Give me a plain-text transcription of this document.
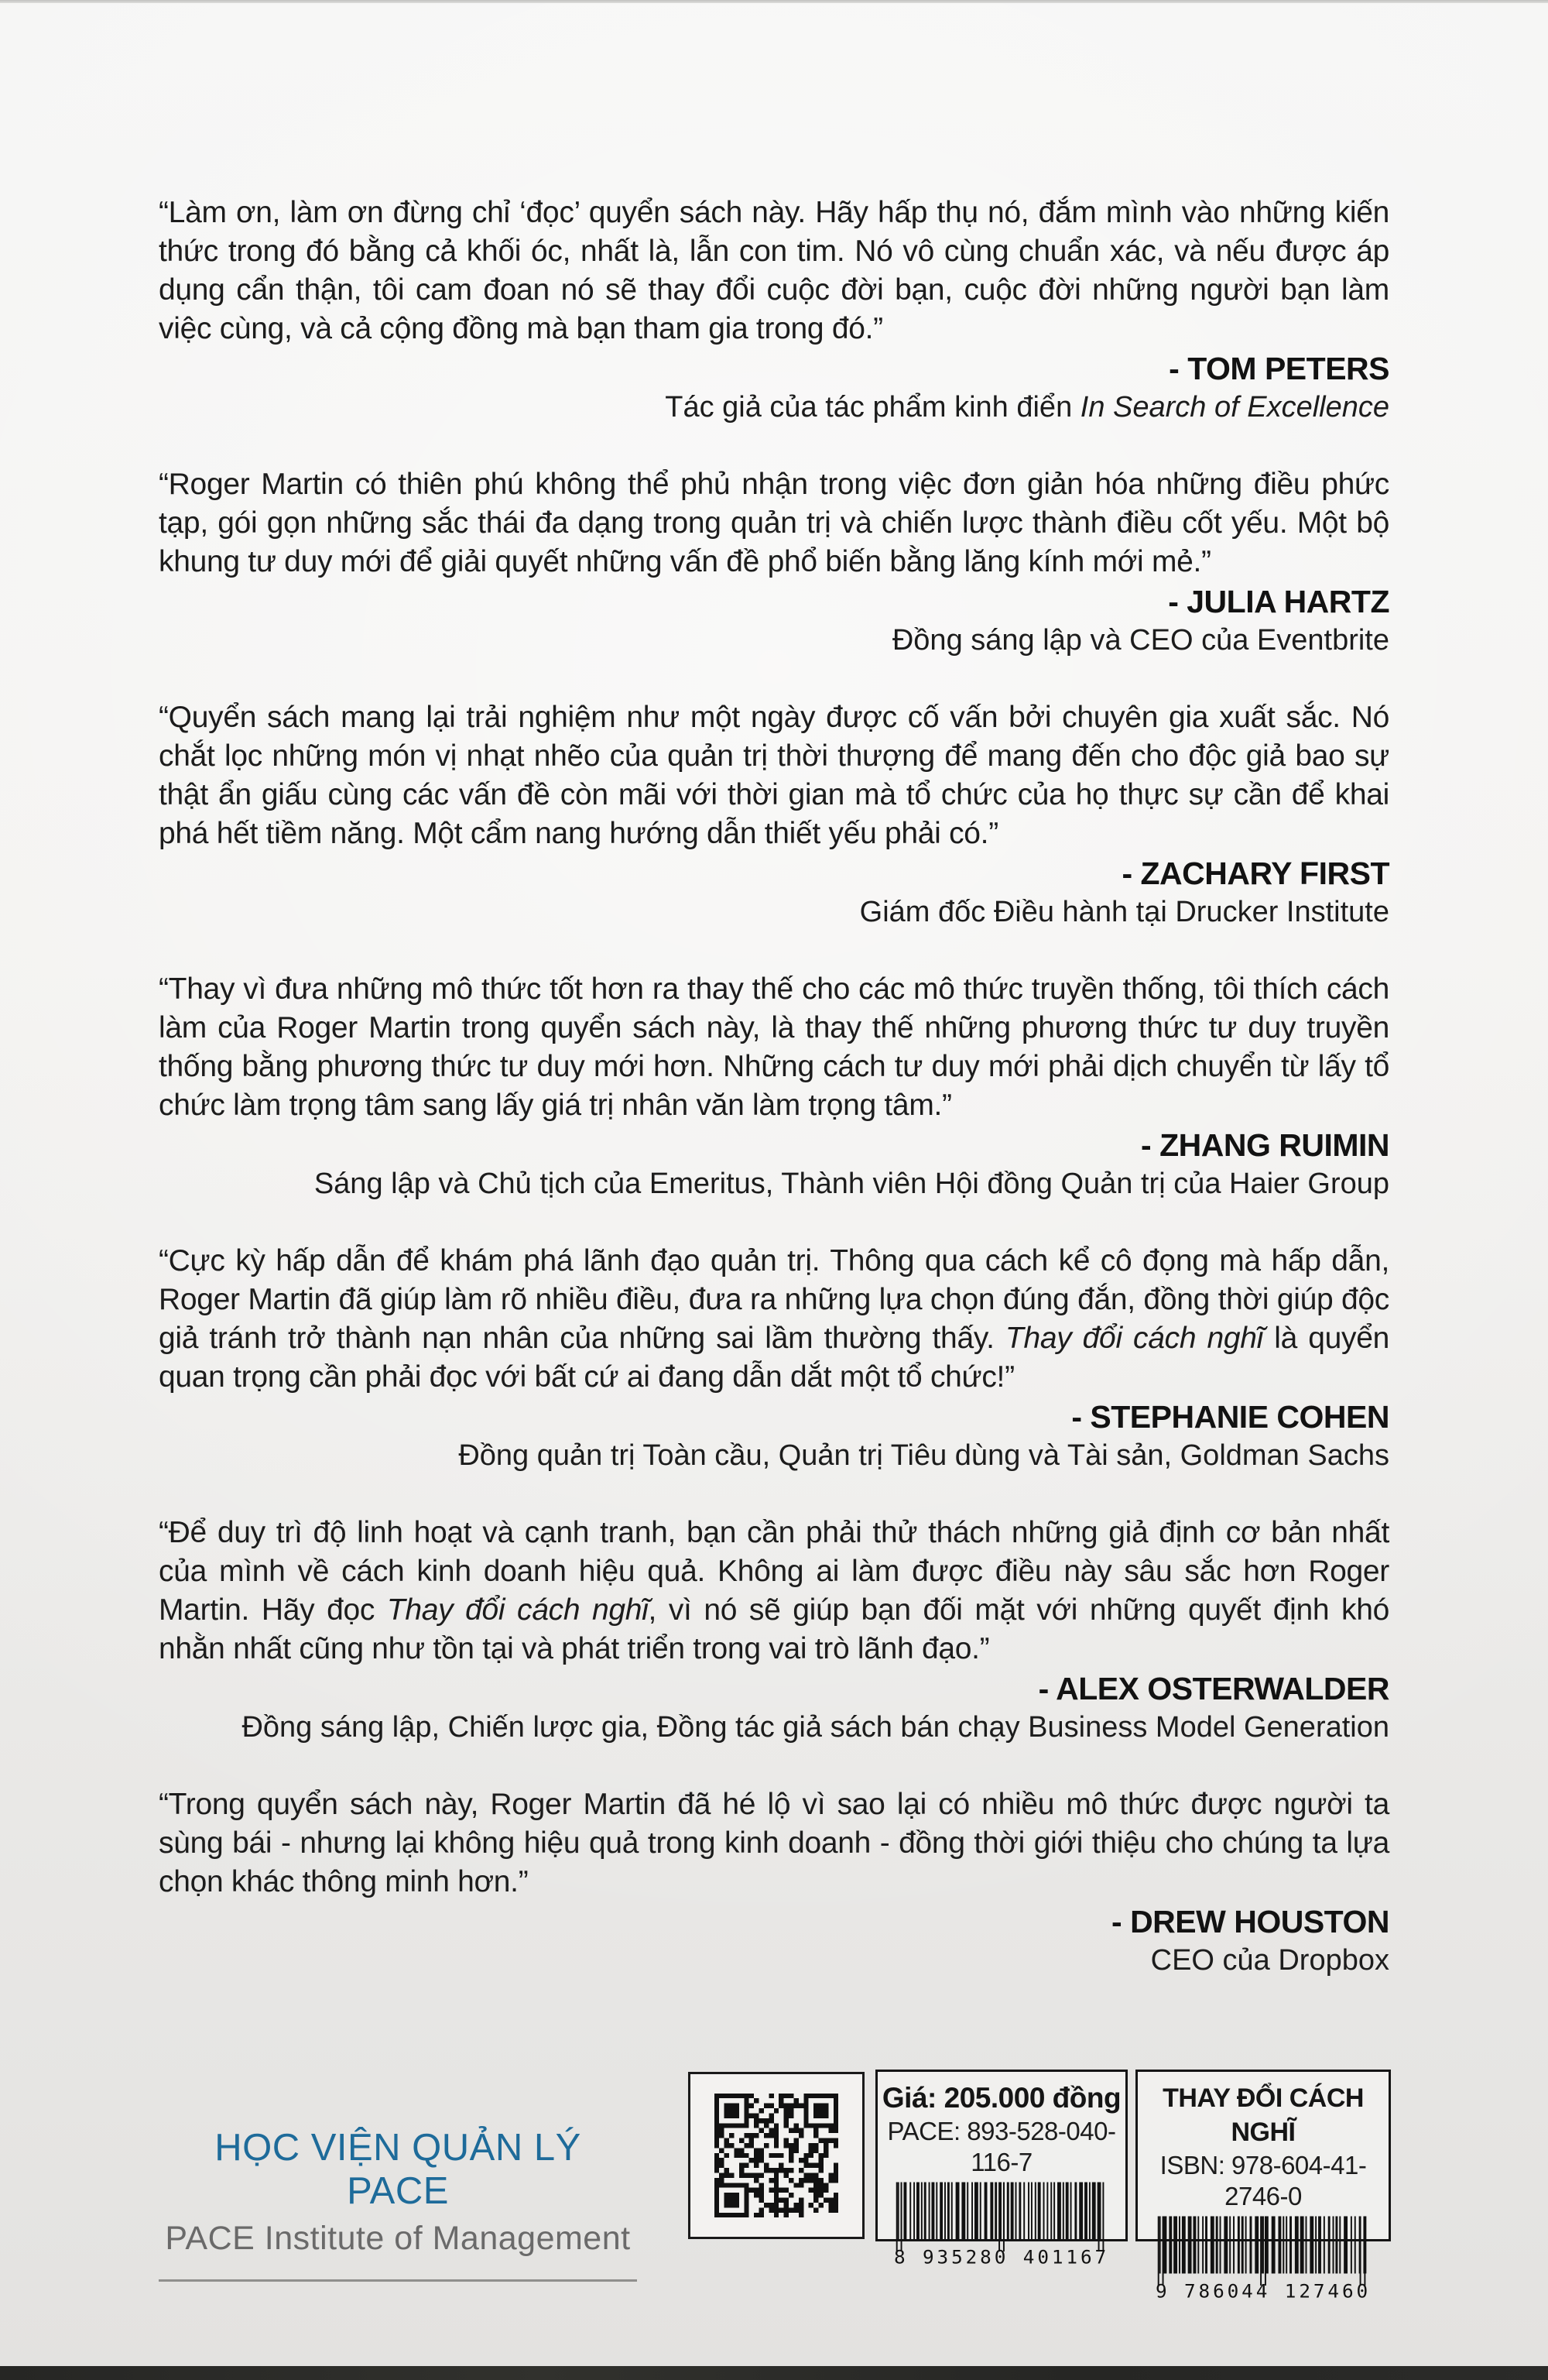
“Làm ơn, làm ơn đừng chỉ ‘đọc’ quyển sách này. Hãy hấp thụ nó, đắm mình vào những kiến thức trong đó bằng cả khối óc, nhất là, lẫn con tim. Nó vô cùng chuẩn xác, và nếu được áp dụng cẩn thận, tôi cam đoan nó sẽ thay đổi cuộc đời bạn, cuộc đời những người bạn làm việc cùng, và cả cộng đồng mà bạn tham gia trong đó.”

- TOM PETERS

Tác giả của tác phẩm kinh điển In Search of Excellence

“Roger Martin có thiên phú không thể phủ nhận trong việc đơn giản hóa những điều phức tạp, gói gọn những sắc thái đa dạng trong quản trị và chiến lược thành điều cốt yếu. Một bộ khung tư duy mới để giải quyết những vấn đề phổ biến bằng lăng kính mới mẻ.”

- JULIA HARTZ

Đồng sáng lập và CEO của Eventbrite

“Quyển sách mang lại trải nghiệm như một ngày được cố vấn bởi chuyên gia xuất sắc. Nó chắt lọc những món vị nhạt nhẽo của quản trị thời thượng để mang đến cho độc giả bao sự thật ẩn giấu cùng các vấn đề còn mãi với thời gian mà tổ chức của họ thực sự cần để khai phá hết tiềm năng. Một cẩm nang hướng dẫn thiết yếu phải có.”

- ZACHARY FIRST

Giám đốc Điều hành tại Drucker Institute

“Thay vì đưa những mô thức tốt hơn ra thay thế cho các mô thức truyền thống, tôi thích cách làm của Roger Martin trong quyển sách này, là thay thế những phương thức tư duy truyền thống bằng phương thức tư duy mới hơn. Những cách tư duy mới phải dịch chuyển từ lấy tổ chức làm trọng tâm sang lấy giá trị nhân văn làm trọng tâm.”

- ZHANG RUIMIN

Sáng lập và Chủ tịch của Emeritus, Thành viên Hội đồng Quản trị của Haier Group

“Cực kỳ hấp dẫn để khám phá lãnh đạo quản trị. Thông qua cách kể cô đọng mà hấp dẫn, Roger Martin đã giúp làm rõ nhiều điều, đưa ra những lựa chọn đúng đắn, đồng thời giúp độc giả tránh trở thành nạn nhân của những sai lầm thường thấy. Thay đổi cách nghĩ là quyển quan trọng cần phải đọc với bất cứ ai đang dẫn dắt một tổ chức!”

- STEPHANIE COHEN

Đồng quản trị Toàn cầu, Quản trị Tiêu dùng và Tài sản, Goldman Sachs

“Để duy trì độ linh hoạt và cạnh tranh, bạn cần phải thử thách những giả định cơ bản nhất của mình về cách kinh doanh hiệu quả. Không ai làm được điều này sâu sắc hơn Roger Martin. Hãy đọc Thay đổi cách nghĩ, vì nó sẽ giúp bạn đối mặt với những quyết định khó nhằn nhất cũng như tồn tại và phát triển trong vai trò lãnh đạo.”

- ALEX OSTERWALDER

Đồng sáng lập, Chiến lược gia, Đồng tác giả sách bán chạy Business Model Generation

“Trong quyển sách này, Roger Martin đã hé lộ vì sao lại có nhiều mô thức được người ta sùng bái - nhưng lại không hiệu quả trong kinh doanh - đồng thời giới thiệu cho chúng ta lựa chọn khác thông minh hơn.”

- DREW HOUSTON

CEO của Dropbox

HỌC VIỆN QUẢN LÝ PACE
PACE Institute of Management
Giá: 205.000 đồng
PACE: 893-528-040-116-7
8 935280 401167
THAY ĐỔI CÁCH NGHĨ
ISBN: 978-604-41-2746-0
9 786044 127460
